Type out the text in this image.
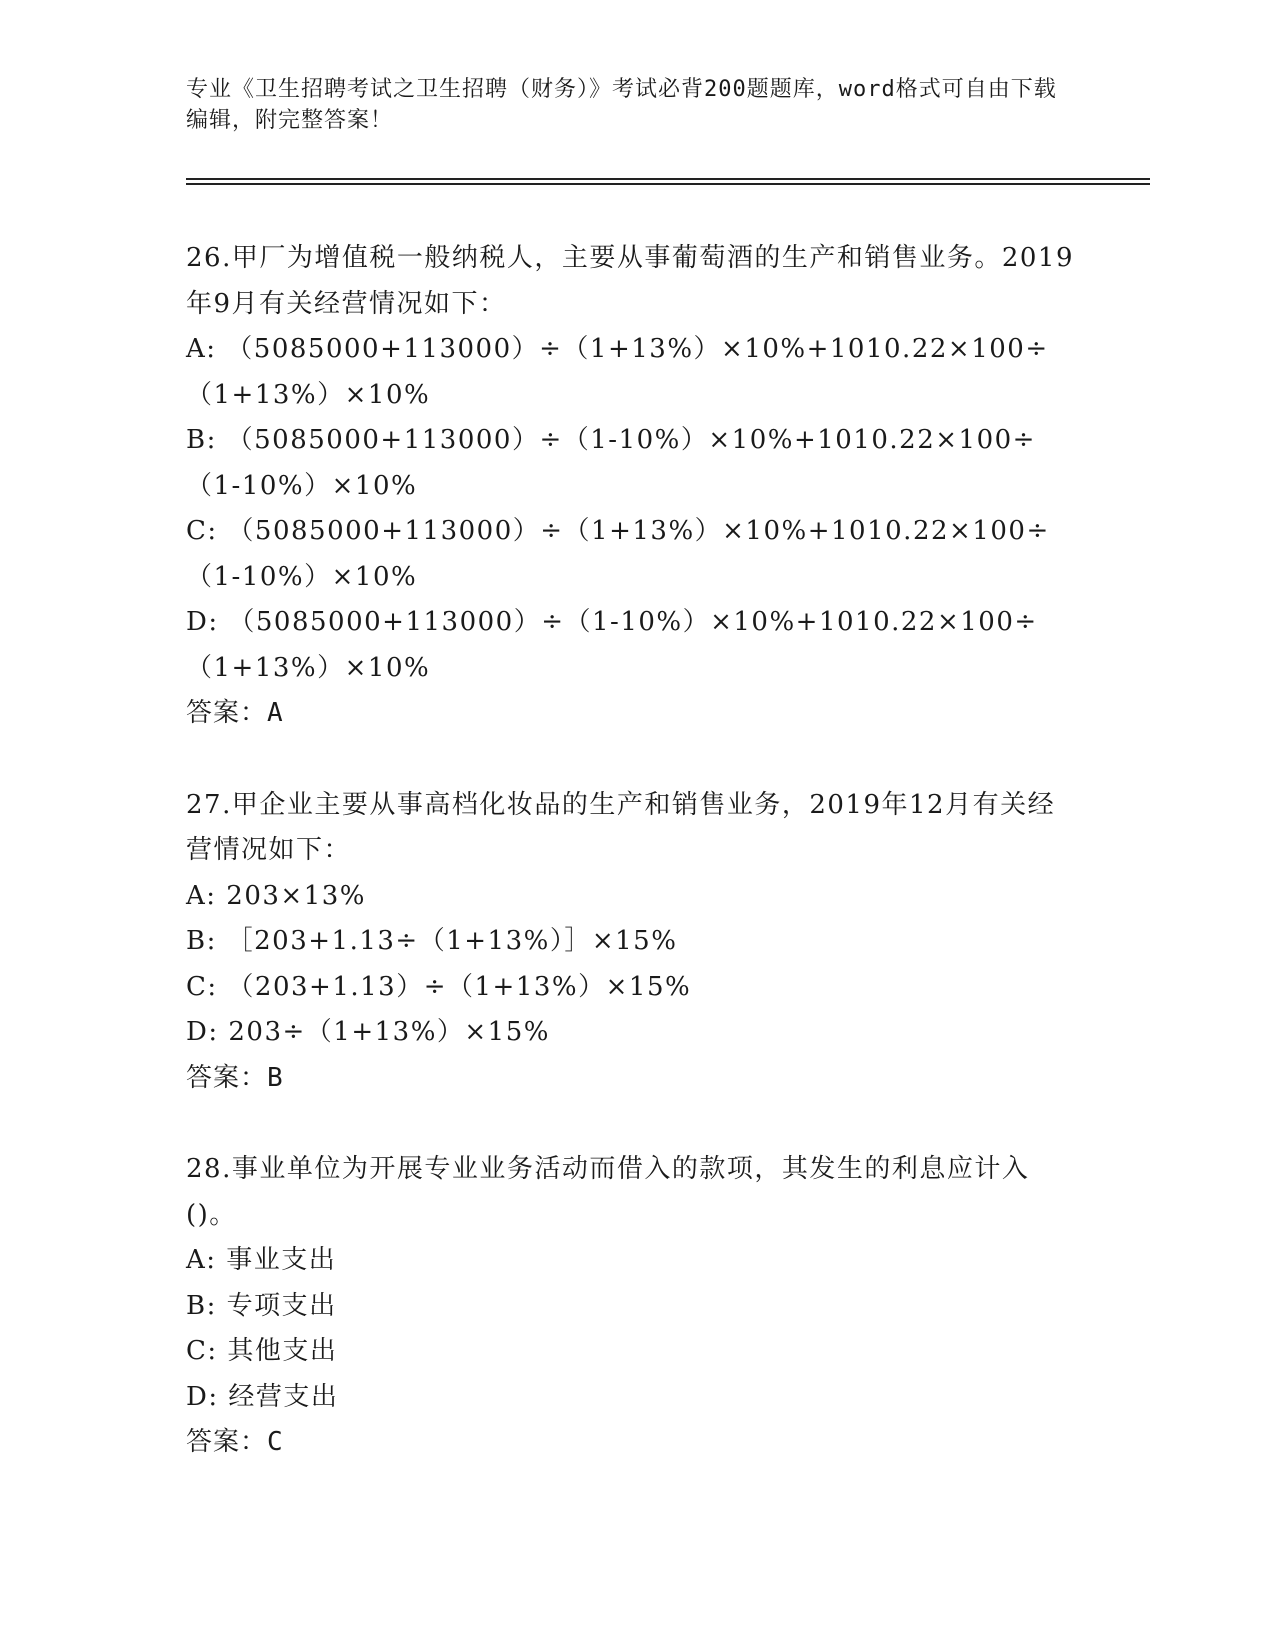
专业《卫生招聘考试之卫生招聘（财务）》考试必背200题题库，word格式可自由下载编辑，附完整答案！
26.甲厂为增值税一般纳税人，主要从事葡萄酒的生产和销售业务。2019年9月有关经营情况如下：
A: （5085000+113000）÷（1+13%）×10%+1010.22×100÷（1+13%）×10%
B: （5085000+113000）÷（1-10%）×10%+1010.22×100÷（1-10%）×10%
C: （5085000+113000）÷（1+13%）×10%+1010.22×100÷（1-10%）×10%
D: （5085000+113000）÷（1-10%）×10%+1010.22×100÷（1+13%）×10%
答案：A
27.甲企业主要从事高档化妆品的生产和销售业务，2019年12月有关经营情况如下：
A: 203×13%
B: ［203+1.13÷（1+13%）］×15%
C: （203+1.13）÷（1+13%）×15%
D: 203÷（1+13%）×15%
答案：B
28.事业单位为开展专业业务活动而借入的款项，其发生的利息应计入()。
A: 事业支出
B: 专项支出
C: 其他支出
D: 经营支出
答案：C
